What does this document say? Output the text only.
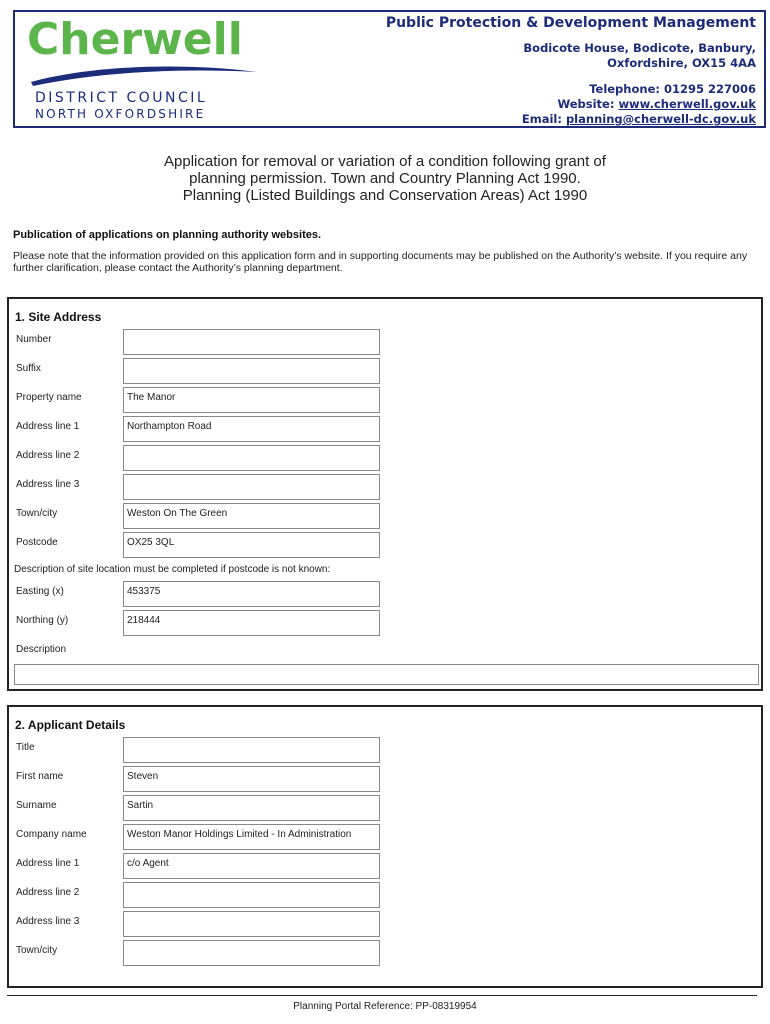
Cherwell
DISTRICT COUNCIL
NORTH OXFORDSHIRE
Public Protection & Development Management
Bodicote House, Bodicote, Banbury,
Oxfordshire, OX15 4AA
Telephone: 01295 227006
Website: www.cherwell.gov.uk
Email: planning@cherwell-dc.gov.uk
Application for removal or variation of a condition following grant of
planning permission. Town and Country Planning Act 1990.
Planning (Listed Buildings and Conservation Areas) Act 1990
Publication of applications on planning authority websites.
Please note that the information provided on this application form and in supporting documents may be published on the Authority’s website. If you require any further clarification, please contact the Authority’s planning department.
1. Site Address
Number
Suffix
Property name	The Manor
Address line 1	Northampton Road
Address line 2
Address line 3
Town/city	Weston On The Green
Postcode	OX25 3QL
Description of site location must be completed if postcode is not known:
Easting (x)	453375
Northing (y)	218444
Description
2. Applicant Details
Title
First name	Steven
Surname	Sartin
Company name	Weston Manor Holdings Limited - In Administration
Address line 1	c/o Agent
Address line 2
Address line 3
Town/city
Planning Portal Reference: PP-08319954
